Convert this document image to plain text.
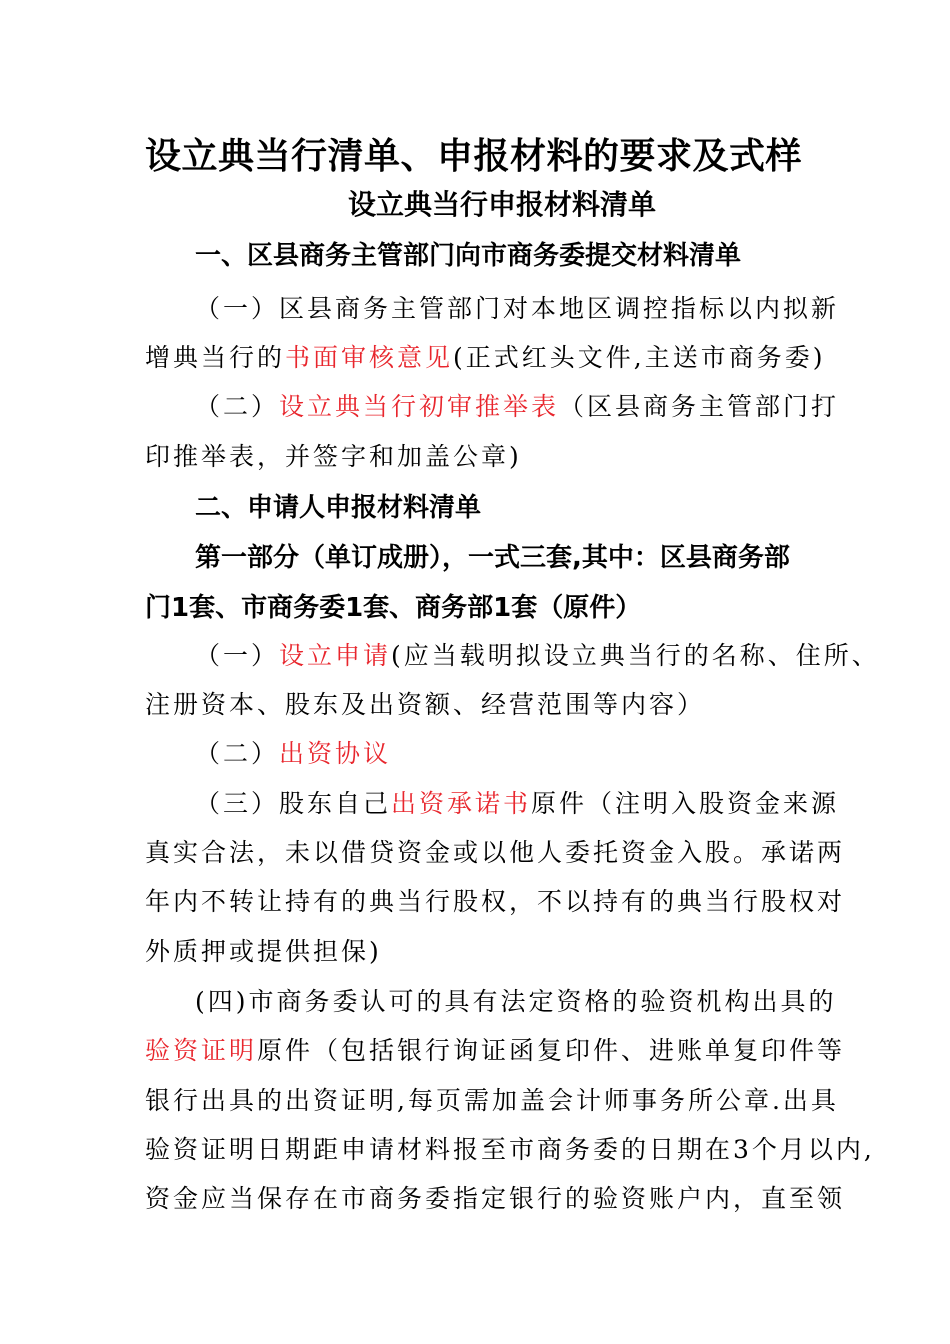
设立典当行清单、申报材料的要求及式样
设立典当行申报材料清单
一、区县商务主管部门向市商务委提交材料清单
（一）区县商务主管部门对本地区调控指标以内拟新
增典当行的书面审核意见(正式红头文件,主送市商务委)
（二）设立典当行初审推举表（区县商务主管部门打
印推举表，并签字和加盖公章)
二、申请人申报材料清单
第一部分（单订成册），一式三套,其中：区县商务部
门1套、市商务委1套、商务部1套（原件）
（一）设立申请(应当载明拟设立典当行的名称、住所、
注册资本、股东及出资额、经营范围等内容）
（二）出资协议
（三）股东自己出资承诺书原件（注明入股资金来源
真实合法，未以借贷资金或以他人委托资金入股。承诺两
年内不转让持有的典当行股权，不以持有的典当行股权对
外质押或提供担保)
(四)市商务委认可的具有法定资格的验资机构出具的
验资证明原件（包括银行询证函复印件、进账单复印件等
银行出具的出资证明,每页需加盖会计师事务所公章.出具
验资证明日期距申请材料报至市商务委的日期在3个月以内,
资金应当保存在市商务委指定银行的验资账户内，直至领
